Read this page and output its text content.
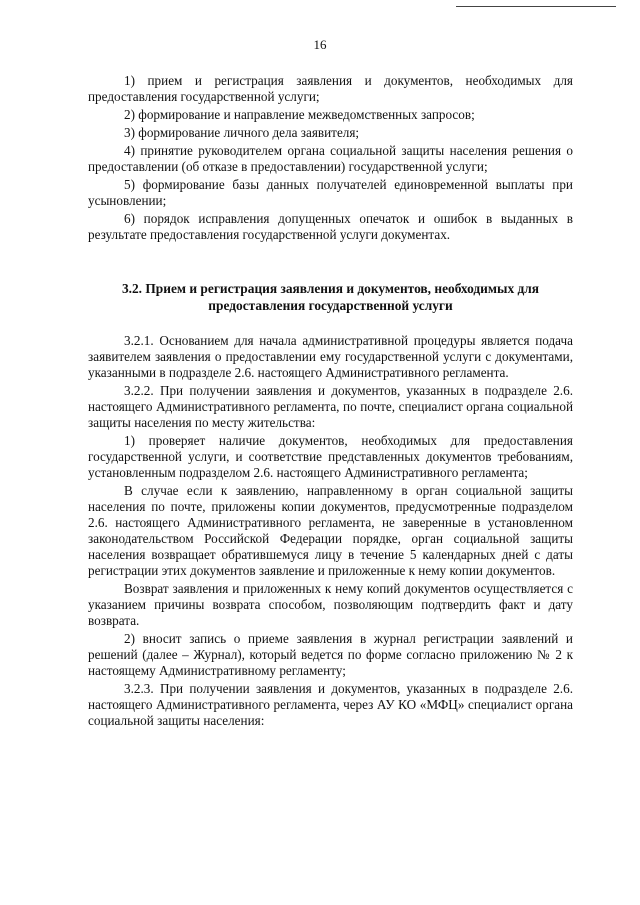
16

1) прием и регистрация заявления и документов, необходимых для предоставления государственной услуги;

2) формирование и направление межведомственных запросов;

3) формирование личного дела заявителя;

4) принятие руководителем органа социальной защиты населения решения о предоставлении (об отказе в предоставлении) государственной услуги;

5) формирование базы данных получателей единовременной выплаты при усыновлении;

6) порядок исправления допущенных опечаток и ошибок в выданных в результате предоставления государственной услуги документах.

3.2. Прием и регистрация заявления и документов, необходимых для предоставления государственной услуги

3.2.1. Основанием для начала административной процедуры является подача заявителем заявления о предоставлении ему государственной услуги с документами, указанными в подразделе 2.6. настоящего Административного регламента.

3.2.2. При получении заявления и документов, указанных в подразделе 2.6. настоящего Административного регламента, по почте, специалист органа социальной защиты населения по месту жительства:

1) проверяет наличие документов, необходимых для предоставления государственной услуги, и соответствие представленных документов требованиям, установленным подразделом 2.6. настоящего Административного регламента;

В случае если к заявлению, направленному в орган социальной защиты населения по почте, приложены копии документов, предусмотренные подразделом 2.6. настоящего Административного регламента, не заверенные в установленном законодательством Российской Федерации порядке, орган социальной защиты населения возвращает обратившемуся лицу в течение 5 календарных дней с даты регистрации этих документов заявление и приложенные к нему копии документов.

Возврат заявления и приложенных к нему копий документов осуществляется с указанием причины возврата способом, позволяющим подтвердить факт и дату возврата.

2) вносит запись о приеме заявления в журнал регистрации заявлений и решений (далее – Журнал), который ведется по форме согласно приложению № 2 к настоящему Административному регламенту;

3.2.3. При получении заявления и документов, указанных в подразделе 2.6. настоящего Административного регламента, через АУ КО «МФЦ» специалист органа социальной защиты населения:
